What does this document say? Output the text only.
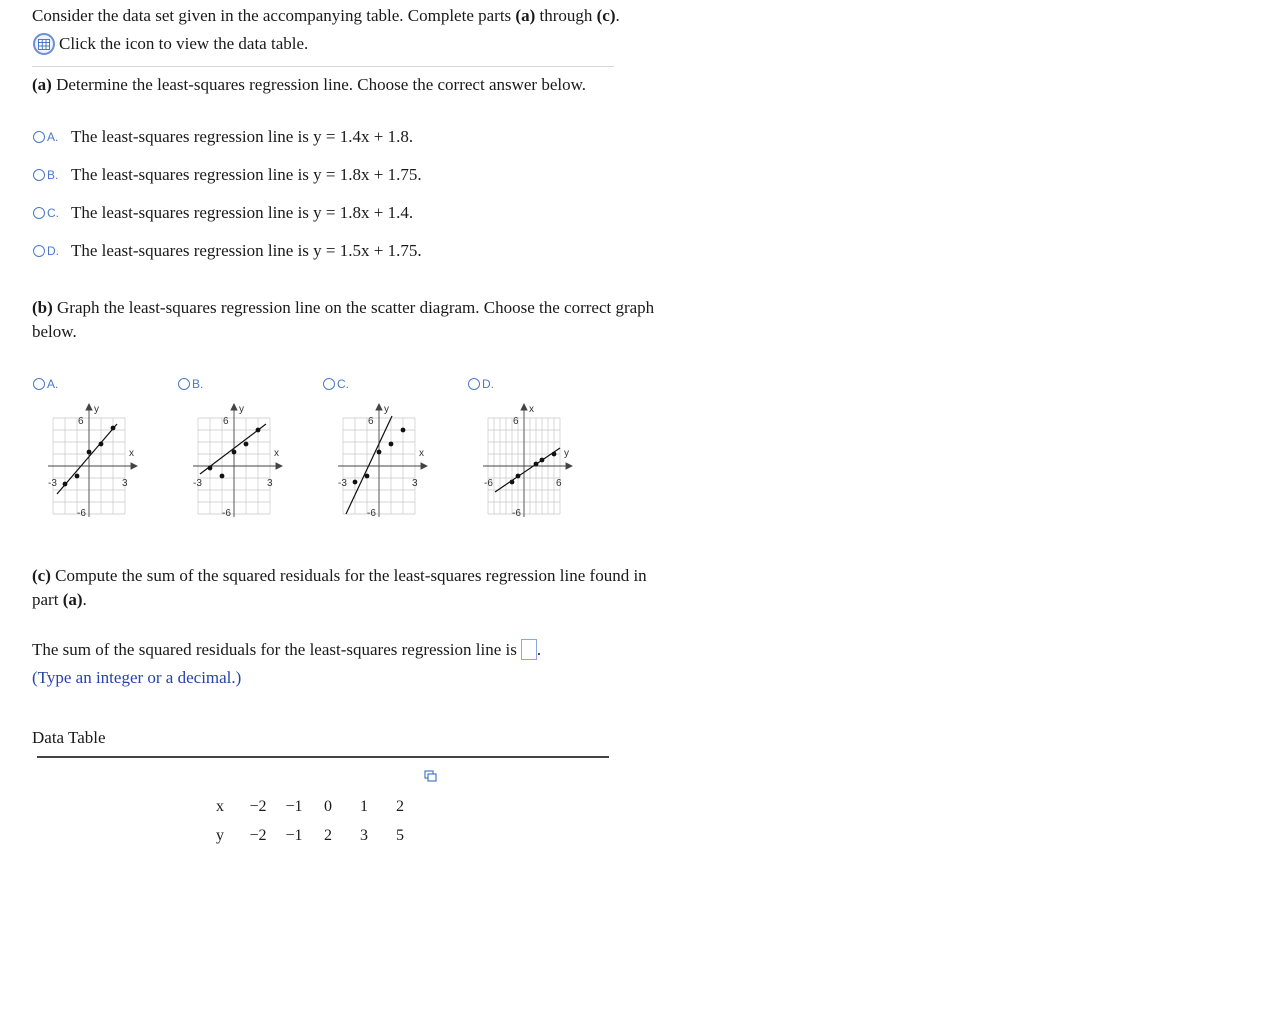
Consider the data set given in the accompanying table. Complete parts (a) through (c).
Click the icon to view the data table.
(a) Determine the least-squares regression line. Choose the correct answer below.
A. The least-squares regression line is y = 1.4x + 1.8.
B. The least-squares regression line is y = 1.8x + 1.75.
C. The least-squares regression line is y = 1.8x + 1.4.
D. The least-squares regression line is y = 1.5x + 1.75.
(b) Graph the least-squares regression line on the scatter diagram. Choose the correct graph
below.
A.	B.	C.	D.
y
x
6
-6
-3	3
y
x
6
-6
-3	3
y
x
6
-6
-3	3
x
y
6
-6
-6	6
(c) Compute the sum of the squared residuals for the least-squares regression line found in
part (a).
The sum of the squared residuals for the least-squares regression line is .
(Type an integer or a decimal.)
Data Table
x	−2	−1	0	1	2
y	−2	−1	2	3	5
